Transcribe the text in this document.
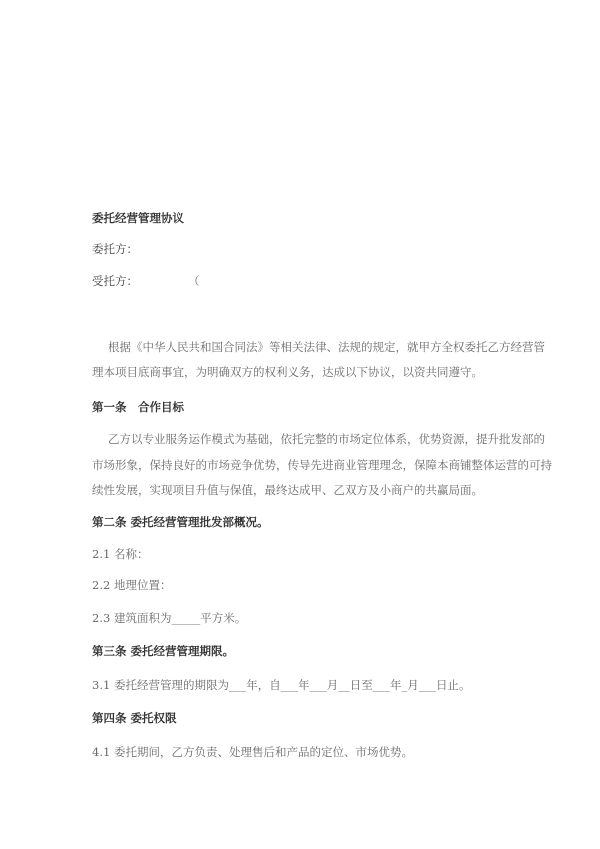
委托经营管理协议
委托方：
受托方：	（
根据《中华人民共和国合同法》等相关法律、法规的规定，就甲方全权委托乙方经营管
理本项目底商事宜，为明确双方的权利义务，达成以下协议，以资共同遵守。
第一条　合作目标
乙方以专业服务运作模式为基础，依托完整的市场定位体系，优势资源，提升批发部的
市场形象，保持良好的市场竞争优势，传导先进商业管理理念，保障本商铺整体运营的可持
续性发展，实现项目升值与保值，最终达成甲、乙双方及小商户的共赢局面。
第二条 委托经营管理批发部概况。
2.1 名称：
2.2 地理位置：
2.3 建筑面积为_____平方米。
第三条 委托经营管理期限。
3.1 委托经营管理的期限为___年，自___年___月__日至___年_月___日止。
第四条 委托权限
4.1 委托期间，乙方负责、处理售后和产品的定位、市场优势。
